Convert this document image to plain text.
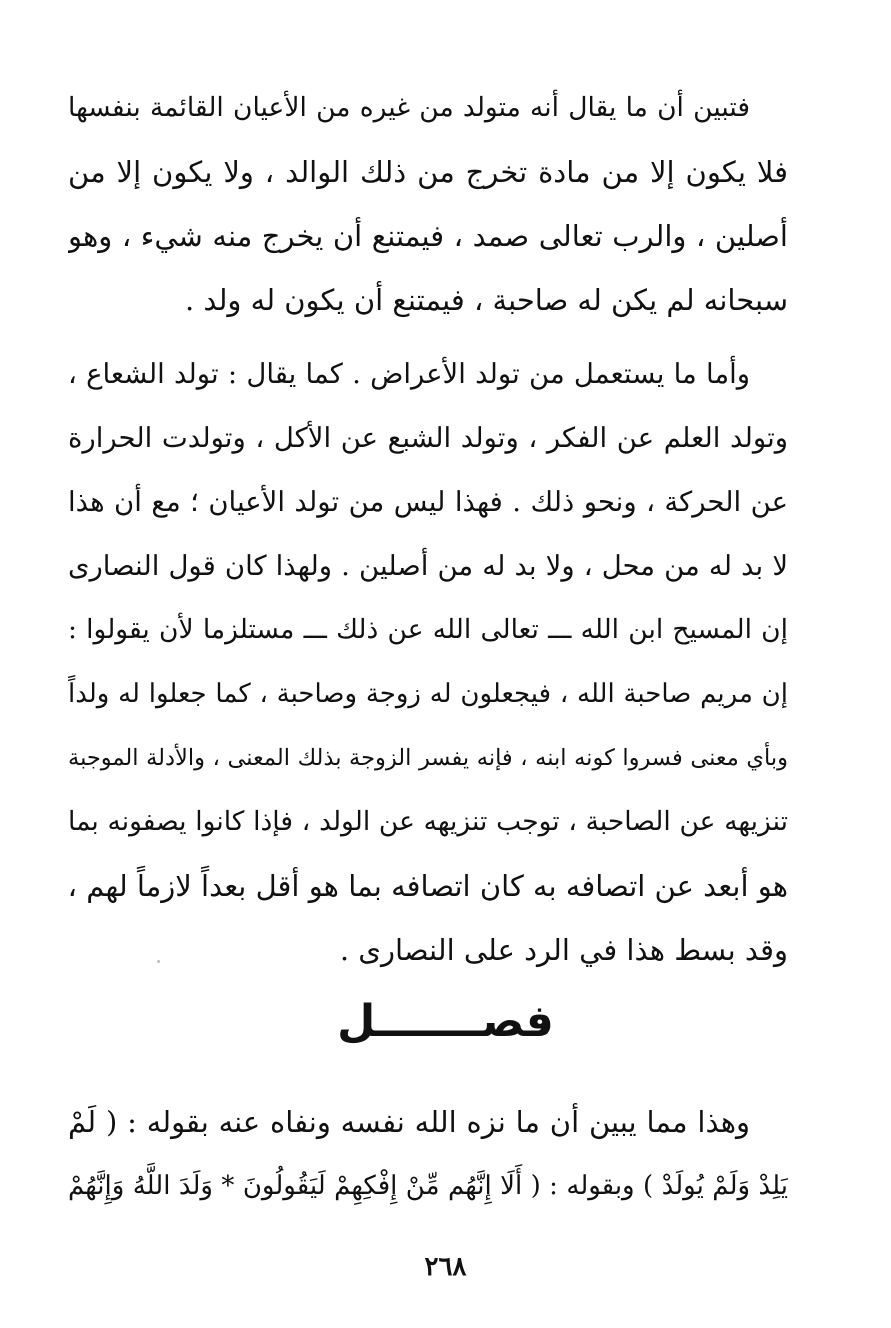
فتبين أن ما يقال أنه متولد من غيره من الأعيان القائمة بنفسها
فلا يكون إلا من مادة تخرج من ذلك الوالد ، ولا يكون إلا من
أصلين ، والرب تعالى صمد ، فيمتنع أن يخرج منه شيء ، وهو
سبحانه لم يكن له صاحبة ، فيمتنع أن يكون له ولد .
وأما ما يستعمل من تولد الأعراض . كما يقال : تولد الشعاع ،
وتولد العلم عن الفكر ، وتولد الشبع عن الأكل ، وتولدت الحرارة
عن الحركة ، ونحو ذلك . فهذا ليس من تولد الأعيان ؛ مع أن هذا
لا بد له من محل ، ولا بد له من أصلين . ولهذا كان قول النصارى
إن المسيح ابن الله ـــ تعالى الله عن ذلك ـــ مستلزما لأن يقولوا :
إن مريم صاحبة الله ، فيجعلون له زوجة وصاحبة ، كما جعلوا له ولداً
وبأي معنى فسروا كونه ابنه ، فإنه يفسر الزوجة بذلك المعنى ، والأدلة الموجبة
تنزيهه عن الصاحبة ، توجب تنزيهه عن الولد ، فإذا كانوا يصفونه بما
هو أبعد عن اتصافه به كان اتصافه بما هو أقل بعداً لازماً لهم ،
وقد بسط هذا في الرد على النصارى .
فصـــــــل
وهذا مما يبين أن ما نزه الله نفسه ونفاه عنه بقوله : ( لَمْ
يَلِدْ وَلَمْ يُولَدْ ) وبقوله : ( أَلَا إِنَّهُم مِّنْ إِفْكِهِمْ لَيَقُولُونَ * وَلَدَ اللَّهُ وَإِنَّهُمْ
٢٦٨
